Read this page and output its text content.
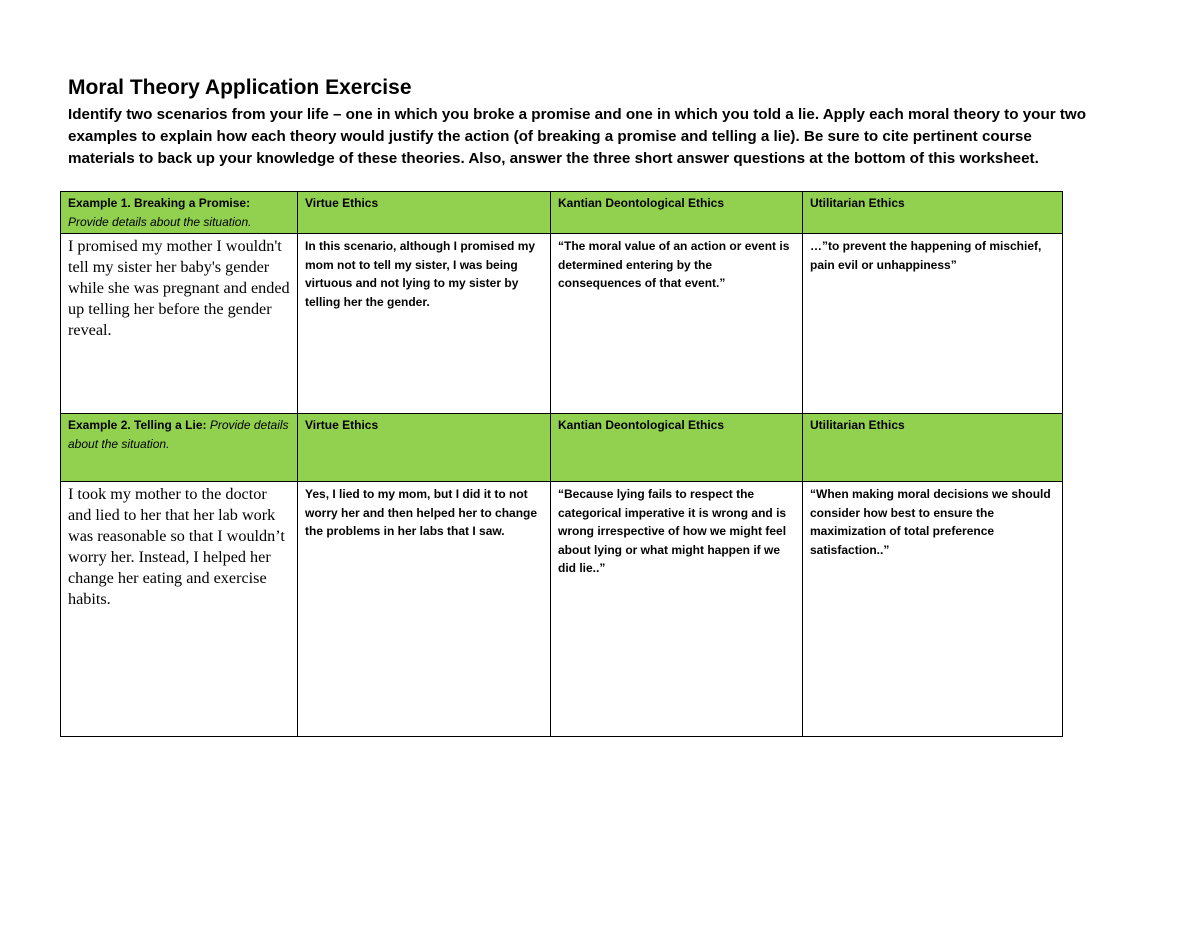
Moral Theory Application Exercise
Identify two scenarios from your life – one in which you broke a promise and one in which you told a lie. Apply each moral theory to your two examples to explain how each theory would justify the action (of breaking a promise and telling a lie). Be sure to cite pertinent course materials to back up your knowledge of these theories. Also, answer the three short answer questions at the bottom of this worksheet.
Example 1. Breaking a Promise:
Provide details about the situation.	Virtue Ethics	Kantian Deontological Ethics	Utilitarian Ethics
I promised my mother I wouldn't tell my sister her baby's gender while she was pregnant and ended up telling her before the gender reveal.	In this scenario, although I promised my mom not to tell my sister, I was being virtuous and not lying to my sister by telling her the gender.	“The moral value of an action or event is determined entering by the consequences of that event.”	…”to prevent the happening of mischief, pain evil or unhappiness”
Example 2. Telling a Lie: Provide details about the situation.	Virtue Ethics	Kantian Deontological Ethics	Utilitarian Ethics
I took my mother to the doctor and lied to her that her lab work was reasonable so that I wouldn’t worry her. Instead, I helped her change her eating and exercise habits.	Yes, I lied to my mom, but I did it to not worry her and then helped her to change the problems in her labs that I saw.	“Because lying fails to respect the categorical imperative it is wrong and is wrong irrespective of how we might feel about lying or what might happen if we did lie..”	“When making moral decisions we should consider how best to ensure the maximization of total preference satisfaction..”
